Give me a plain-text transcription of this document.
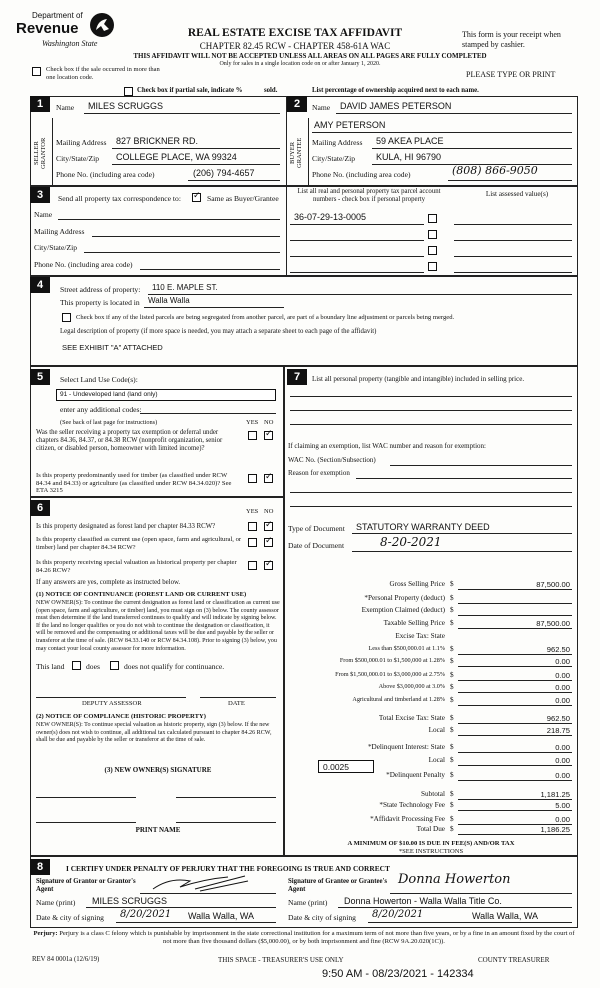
Department of
Revenue
Washington State
REAL ESTATE EXCISE TAX AFFIDAVIT
CHAPTER 82.45 RCW - CHAPTER 458-61A WAC
THIS AFFIDAVIT WILL NOT BE ACCEPTED UNLESS ALL AREAS ON ALL PAGES ARE FULLY COMPLETED
Only for sales in a single location code on or after January 1, 2020.
This form is your receipt when stamped by cashier.
PLEASE TYPE OR PRINT
Check box if the sale occurred in more than one location code.
Check box if partial sale, indicate %	sold.	List percentage of ownership acquired next to each name.
1	2
SELLER GRANTOR
Name MILES SCRUGGS
Mailing Address 827 BRICKNER RD.
City/State/Zip COLLEGE PLACE, WA 99324
Phone No. (including area code)	(206) 794-4657
BUYER GRANTEE
Name DAVID JAMES PETERSON
AMY PETERSON
Mailing Address 59 AKEA PLACE
City/State/Zip KULA, HI 96790
Phone No. (including area code)	(808) 866-9050
3	Send all property tax correspondence to:
✓	Same as Buyer/Grantee
List all real and personal property tax parcel account numbers - check box if personal property
List assessed value(s)
36-07-29-13-0005
Name
Mailing Address
City/State/Zip
Phone No. (including area code)
4	Street address of property: 110 E. MAPLE ST.
This property is located in Walla Walla
Check box if any of the listed parcels are being segregated from another parcel, are part of a boundary line adjustment or parcels being merged.
Legal description of property (if more space is needed, you may attach a separate sheet to each page of the affidavit)
SEE EXHIBIT "A" ATTACHED
5	Select Land Use Code(s):
91 - Undeveloped land (land only)
enter any additional codes:
(See back of last page for instructions)	YES NO
Was the seller receiving a property tax exemption or deferral under chapters 84.36, 84.37, or 84.38 RCW (nonprofit organization, senior citizen, or disabled person, homeowner with limited income)?
✓
Is this property predominantly used for timber (as classified under RCW 84.34 and 84.33) or agriculture (as classified under RCW 84.34.020)? See ETA 3215
✓
7	List all personal property (tangible and intangible) included in selling price.
If claiming an exemption, list WAC number and reason for exemption:
WAC No. (Section/Subsection)
Reason for exemption
Type of Document STATUTORY WARRANTY DEED
Date of Document	8-20-2021
Gross Selling Price $	87,500.00
*Personal Property (deduct) $
Exemption Claimed (deduct) $
Taxable Selling Price $	87,500.00
Excise Tax: State
Less than $500,000.01 at 1.1% $	962.50
From $500,000.01 to $1,500,000 at 1.28% $	0.00
From $1,500,000.01 to $3,000,000 at 2.75% $	0.00
Above $3,000,000 at 3.0% $	0.00
Agricultural and timberland at 1.28% $	0.00
Total Excise Tax: State $	962.50
Local $	218.75
*Delinquent Interest: State $	0.00
Local $	0.00
*Delinquent Penalty $	0.00
Subtotal $	1,181.25
*State Technology Fee $	5.00
*Affidavit Processing Fee $	0.00
Total Due $	1,186.25
0.0025
A MINIMUM OF $10.00 IS DUE IN FEE(S) AND/OR TAX
*SEE INSTRUCTIONS
6	YES NO
Is this property designated as forest land per chapter 84.33 RCW?
✓
Is this property classified as current use (open space, farm and agricultural, or timber) land per chapter 84.34 RCW?
✓
Is this property receiving special valuation as historical property per chapter 84.26 RCW?
✓
If any answers are yes, complete as instructed below.
(1) NOTICE OF CONTINUANCE (FOREST LAND OR CURRENT USE)
NEW OWNER(S): To continue the current designation as forest land or classification as current use (open space, farm and agriculture, or timber) land, you must sign on (3) below. The county assessor must then determine if the land transferred continues to qualify and will indicate by signing below. If the land no longer qualifies or you do not wish to continue the designation or classification, it will be removed and the compensating or additional taxes will be due and payable by the seller or transferor at the time of sale. (RCW 84.33.140 or RCW 84.34.108). Prior to signing (3) below, you may contact your local county assessor for more information.
This land	does	does not qualify for continuance.
DEPUTY ASSESSOR	DATE
(2) NOTICE OF COMPLIANCE (HISTORIC PROPERTY)
NEW OWNER(S): To continue special valuation as historic property, sign (3) below. If the new owner(s) does not wish to continue, all additional tax calculated pursuant to chapter 84.26 RCW, shall be due and payable by the seller or transferor at the time of sale.
(3) NEW OWNER(S) SIGNATURE
PRINT NAME
8	I CERTIFY UNDER PENALTY OF PERJURY THAT THE FOREGOING IS TRUE AND CORRECT
Signature of Grantor or Grantor's Agent
Signature of Grantee or Grantee's Agent
Donna Howerton
Name (print) MILES SCRUGGS	Name (print) Donna Howerton - Walla Walla Title Co.
Date & city of signing 8/20/2021 Walla Walla, WA	Date & city of signing 8/20/2021	Walla Walla, WA
Perjury: Perjury is a class C felony which is punishable by imprisonment in the state correctional institution for a maximum term of not more than five years, or by a fine in an amount fixed by the court of not more than five thousand dollars ($5,000.00), or by both imprisonment and fine (RCW 9A.20.020(1C)).
REV 84 0001a (12/6/19)	THIS SPACE - TREASURER'S USE ONLY	COUNTY TREASURER
9:50 AM - 08/23/2021 - 142334
